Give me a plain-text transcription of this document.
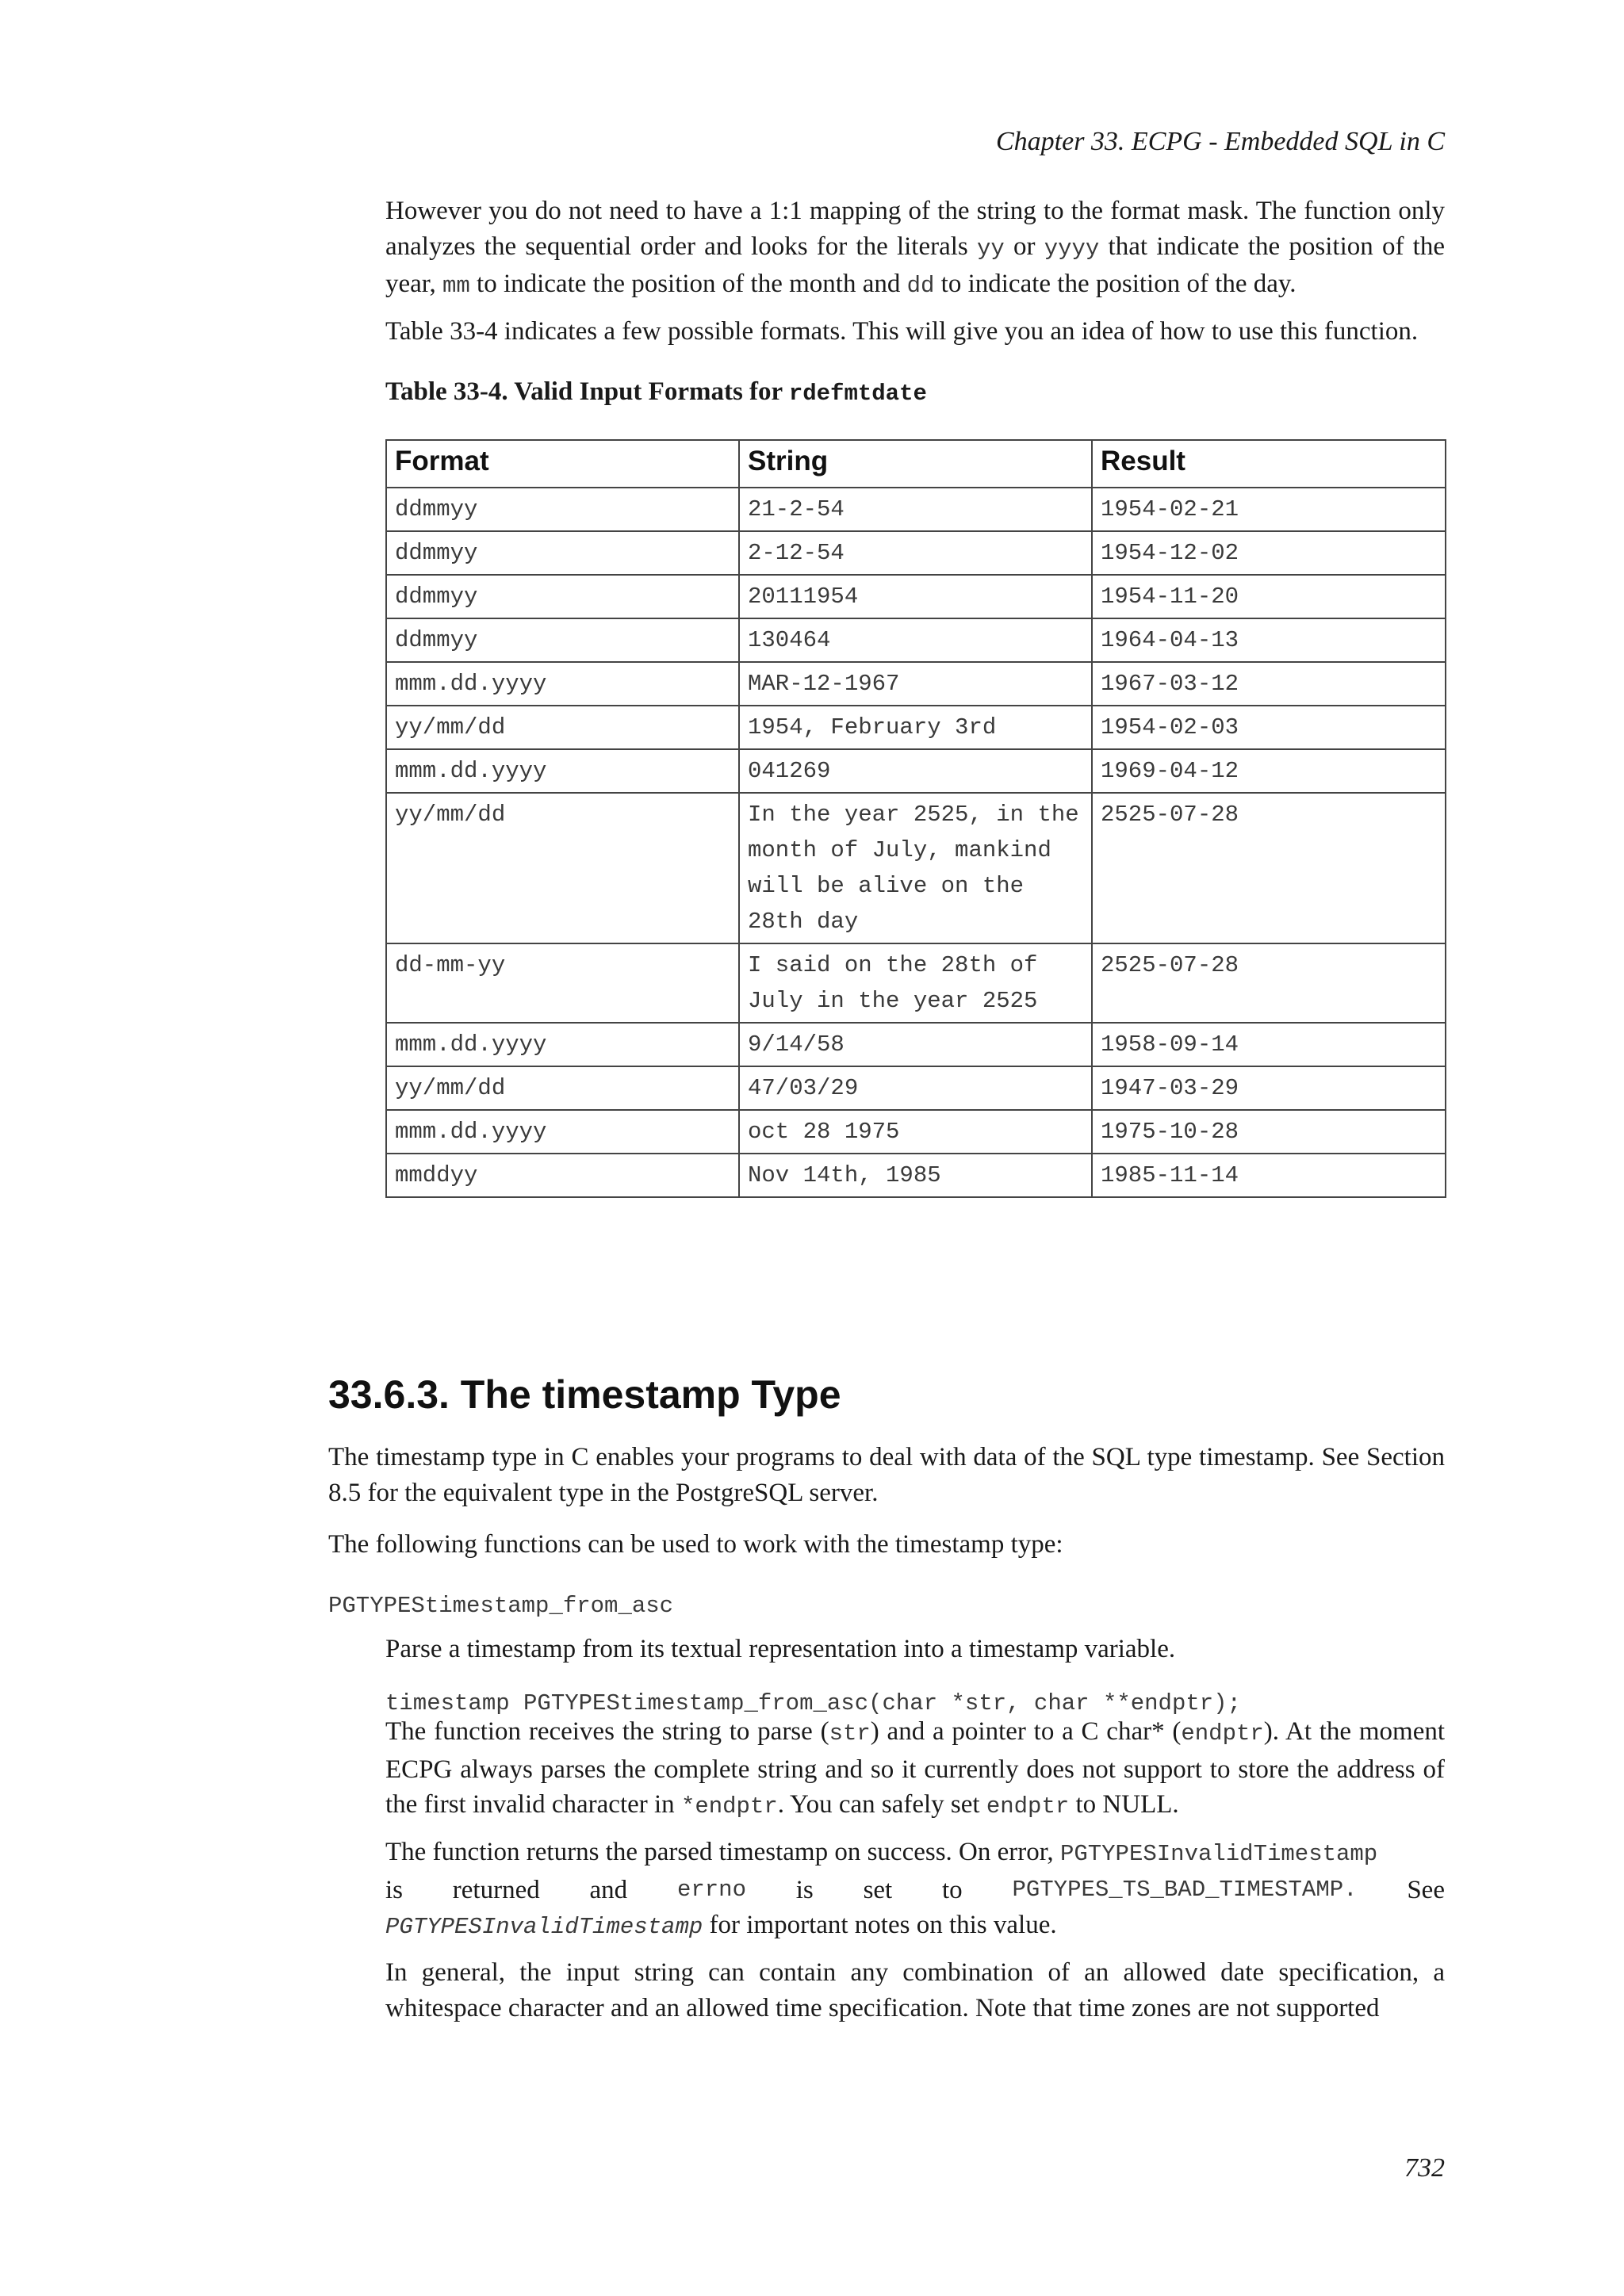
Chapter 33. ECPG - Embedded SQL in C
However you do not need to have a 1:1 mapping of the string to the format mask. The function only analyzes the sequential order and looks for the literals yy or yyyy that indicate the position of the year, mm to indicate the position of the month and dd to indicate the position of the day.
Table 33-4 indicates a few possible formats. This will give you an idea of how to use this function.
Table 33-4. Valid Input Formats for rdefmtdate
Format	String	Result
ddmmyy	21-2-54	1954-02-21
ddmmyy	2-12-54	1954-12-02
ddmmyy	20111954	1954-11-20
ddmmyy	130464	1964-04-13
mmm.dd.yyyy	MAR-12-1967	1967-03-12
yy/mm/dd	1954, February 3rd	1954-02-03
mmm.dd.yyyy	041269	1969-04-12
yy/mm/dd	In the year 2525, in the month of July, mankind will be alive on the 28th day	2525-07-28
dd-mm-yy	I said on the 28th of July in the year 2525	2525-07-28
mmm.dd.yyyy	9/14/58	1958-09-14
yy/mm/dd	47/03/29	1947-03-29
mmm.dd.yyyy	oct 28 1975	1975-10-28
mmddyy	Nov 14th, 1985	1985-11-14
33.6.3. The timestamp Type
The timestamp type in C enables your programs to deal with data of the SQL type timestamp. See Section 8.5 for the equivalent type in the PostgreSQL server.
The following functions can be used to work with the timestamp type:
PGTYPEStimestamp_from_asc
Parse a timestamp from its textual representation into a timestamp variable.
timestamp PGTYPEStimestamp_from_asc(char *str, char **endptr);
The function receives the string to parse (str) and a pointer to a C char* (endptr). At the moment ECPG always parses the complete string and so it currently does not support to store the address of the first invalid character in *endptr. You can safely set endptr to NULL.
The function returns the parsed timestamp on success. On error, PGTYPESInvalidTimestamp
is returned and errno is set to PGTYPES_TS_BAD_TIMESTAMP. See
PGTYPESInvalidTimestamp for important notes on this value.
In general, the input string can contain any combination of an allowed date specification, a whitespace character and an allowed time specification. Note that time zones are not supported
732
